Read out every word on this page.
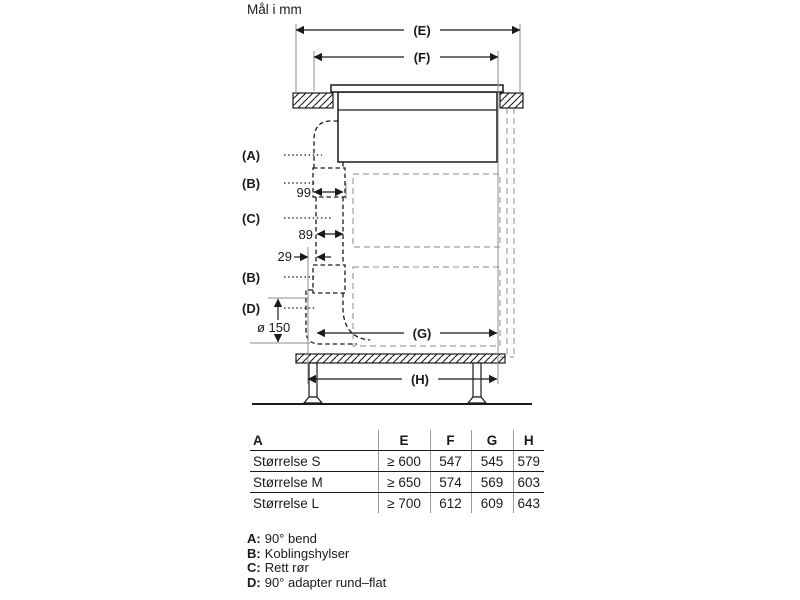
Mål i mm
(E)
(F)
(G)
(H)
(A)
(B)
(C)
(B)
(D)
99
89
29
ø 150
A	E	F	G	H
Størrelse S	≥ 600	547	545	579
Størrelse M	≥ 650	574	569	603
Størrelse L	≥ 700	612	609	643
A: 90° bend
B: Koblingshylser
C: Rett rør
D: 90° adapter rund–flat
